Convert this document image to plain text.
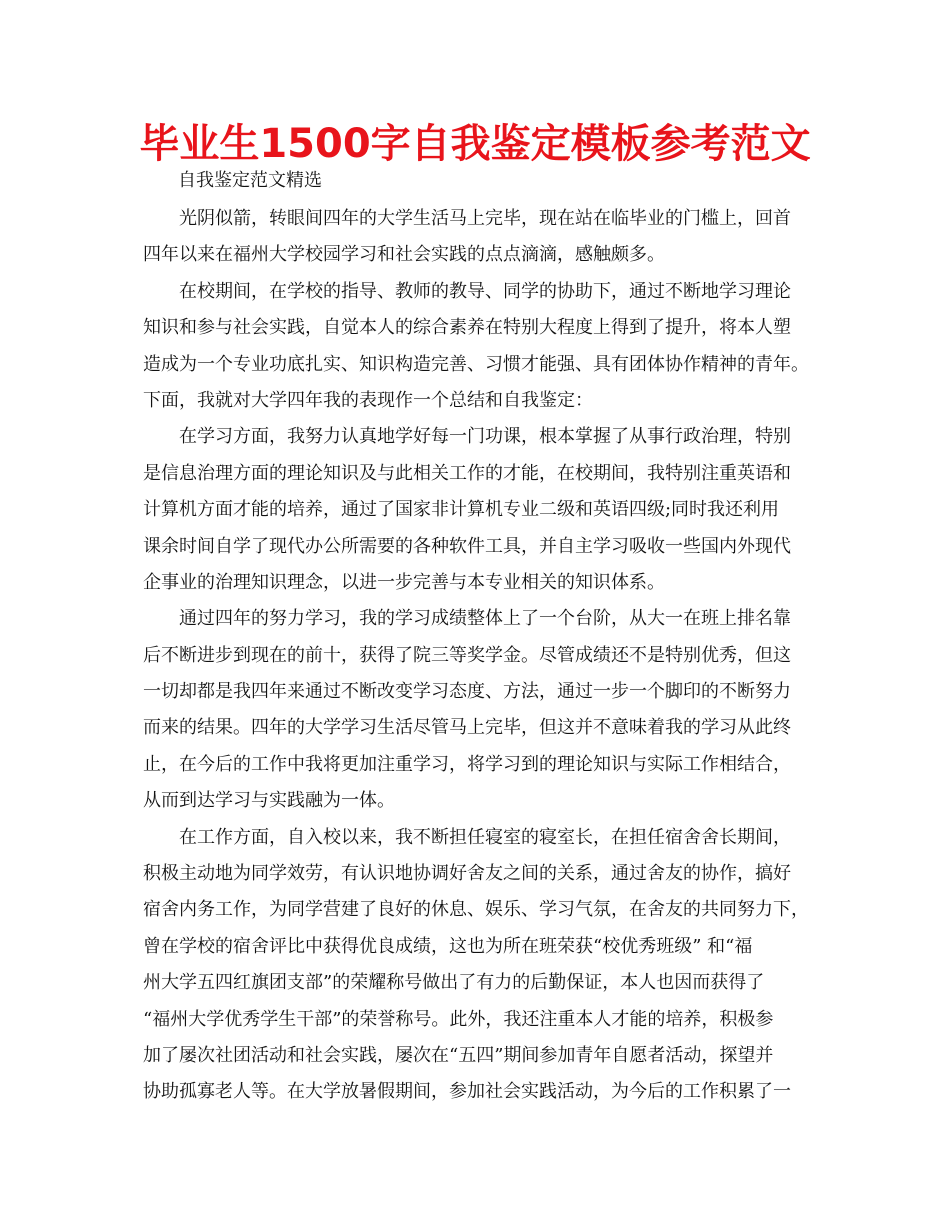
毕业生1500字自我鉴定模板参考范文
自我鉴定范文精选
光阴似箭，转眼间四年的大学生活马上完毕，现在站在临毕业的门槛上，回首
四年以来在福州大学校园学习和社会实践的点点滴滴，感触颇多。
在校期间，在学校的指导、教师的教导、同学的协助下，通过不断地学习理论
知识和参与社会实践，自觉本人的综合素养在特别大程度上得到了提升，将本人塑
造成为一个专业功底扎实、知识构造完善、习惯才能强、具有团体协作精神的青年。
下面，我就对大学四年我的表现作一个总结和自我鉴定：
在学习方面，我努力认真地学好每一门功课，根本掌握了从事行政治理，特别
是信息治理方面的理论知识及与此相关工作的才能，在校期间，我特别注重英语和
计算机方面才能的培养，通过了国家非计算机专业二级和英语四级;同时我还利用
课余时间自学了现代办公所需要的各种软件工具，并自主学习吸收一些国内外现代
企事业的治理知识理念，以进一步完善与本专业相关的知识体系。
通过四年的努力学习，我的学习成绩整体上了一个台阶，从大一在班上排名靠
后不断进步到现在的前十，获得了院三等奖学金。尽管成绩还不是特别优秀，但这
一切却都是我四年来通过不断改变学习态度、方法，通过一步一个脚印的不断努力
而来的结果。四年的大学学习生活尽管马上完毕，但这并不意味着我的学习从此终
止，在今后的工作中我将更加注重学习，将学习到的理论知识与实际工作相结合，
从而到达学习与实践融为一体。
在工作方面，自入校以来，我不断担任寝室的寝室长，在担任宿舍舍长期间，
积极主动地为同学效劳，有认识地协调好舍友之间的关系，通过舍友的协作，搞好
宿舍内务工作，为同学营建了良好的休息、娱乐、学习气氛，在舍友的共同努力下，
曾在学校的宿舍评比中获得优良成绩，这也为所在班荣获“校优秀班级” 和“福
州大学五四红旗团支部”的荣耀称号做出了有力的后勤保证，本人也因而获得了
“福州大学优秀学生干部”的荣誉称号。此外，我还注重本人才能的培养，积极参
加了屡次社团活动和社会实践，屡次在“五四”期间参加青年自愿者活动，探望并
协助孤寡老人等。在大学放暑假期间，参加社会实践活动，为今后的工作积累了一
